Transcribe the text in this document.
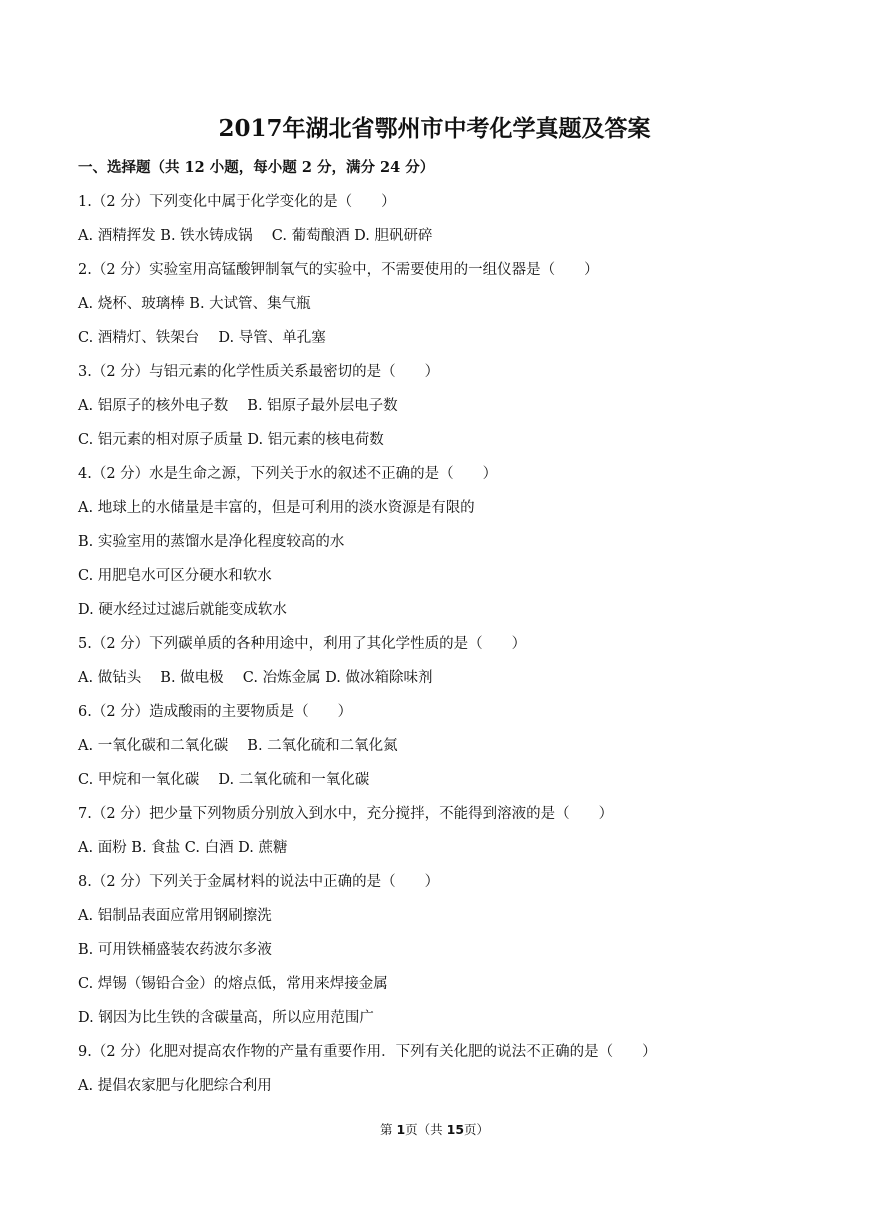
2017年湖北省鄂州市中考化学真题及答案
一、选择题（共 12 小题，每小题 2 分，满分 24 分）
1.（2 分）下列变化中属于化学变化的是（　　）
A. 酒精挥发 B. 铁水铸成锅　 C. 葡萄酿酒 D. 胆矾研碎
2.（2 分）实验室用高锰酸钾制氧气的实验中，不需要使用的一组仪器是（　　）
A. 烧杯、玻璃棒 B. 大试管、集气瓶
C. 酒精灯、铁架台　 D. 导管、单孔塞
3.（2 分）与铝元素的化学性质关系最密切的是（　　）
A. 铝原子的核外电子数　 B. 铝原子最外层电子数
C. 铝元素的相对原子质量 D. 铝元素的核电荷数
4.（2 分）水是生命之源，下列关于水的叙述不正确的是（　　）
A. 地球上的水储量是丰富的，但是可利用的淡水资源是有限的
B. 实验室用的蒸馏水是净化程度较高的水
C. 用肥皂水可区分硬水和软水
D. 硬水经过过滤后就能变成软水
5.（2 分）下列碳单质的各种用途中，利用了其化学性质的是（　　）
A. 做钻头　 B. 做电极　 C. 冶炼金属 D. 做冰箱除味剂
6.（2 分）造成酸雨的主要物质是（　　）
A. 一氧化碳和二氧化碳　 B. 二氧化硫和二氧化氮
C. 甲烷和一氧化碳　 D. 二氧化硫和一氧化碳
7.（2 分）把少量下列物质分别放入到水中，充分搅拌，不能得到溶液的是（　　）
A. 面粉 B. 食盐 C. 白酒 D. 蔗糖
8.（2 分）下列关于金属材料的说法中正确的是（　　）
A. 铝制品表面应常用钢刷擦洗
B. 可用铁桶盛装农药波尔多液
C. 焊锡（锡铅合金）的熔点低，常用来焊接金属
D. 钢因为比生铁的含碳量高，所以应用范围广
9.（2 分）化肥对提高农作物的产量有重要作用．下列有关化肥的说法不正确的是（　　）
A. 提倡农家肥与化肥综合利用
第 1页（共 15页）
